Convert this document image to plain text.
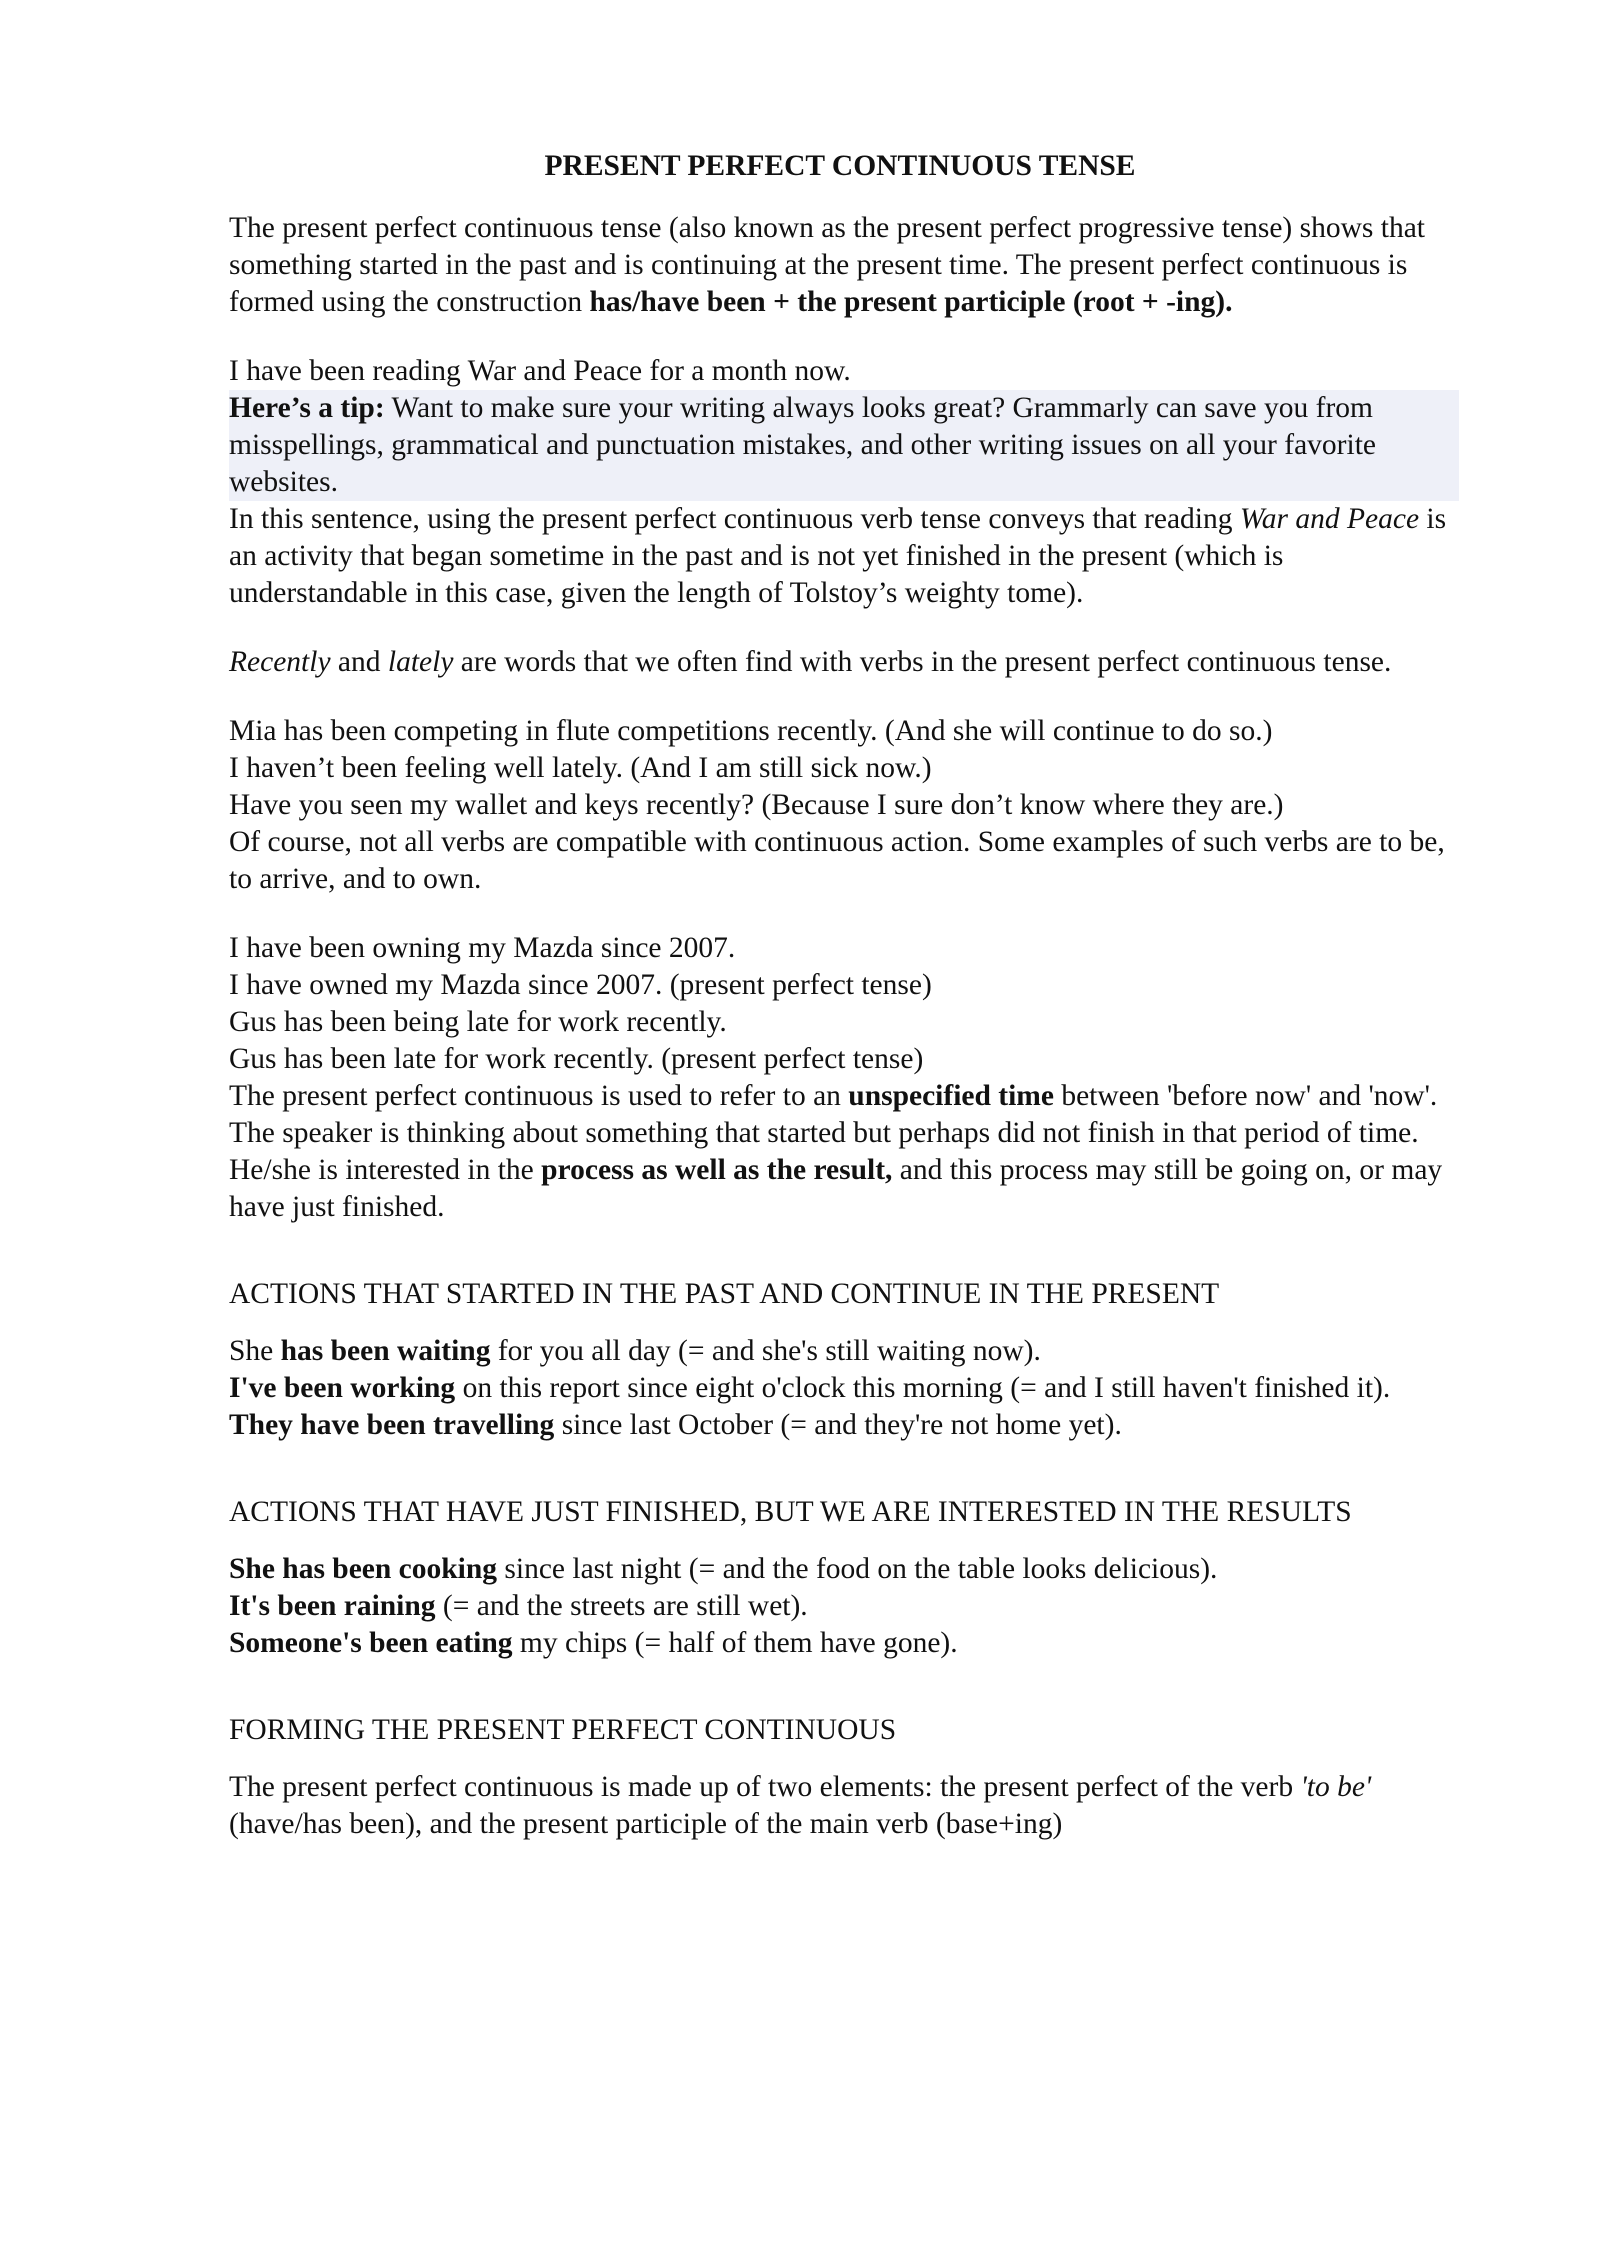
PRESENT PERFECT CONTINUOUS TENSE

The present perfect continuous tense (also known as the present perfect progressive tense) shows that something started in the past and is continuing at the present time. The present perfect continuous is formed using the construction has/have been + the present participle (root + -ing).

I have been reading War and Peace for a month now.

Here’s a tip: Want to make sure your writing always looks great? Grammarly can save you from misspellings, grammatical and punctuation mistakes, and other writing issues on all your favorite websites.

In this sentence, using the present perfect continuous verb tense conveys that reading War and Peace is an activity that began sometime in the past and is not yet finished in the present (which is understandable in this case, given the length of Tolstoy’s weighty tome).

Recently and lately are words that we often find with verbs in the present perfect continuous tense.

Mia has been competing in flute competitions recently. (And she will continue to do so.)

I haven’t been feeling well lately. (And I am still sick now.)

Have you seen my wallet and keys recently? (Because I sure don’t know where they are.)

Of course, not all verbs are compatible with continuous action. Some examples of such verbs are to be, to arrive, and to own.

I have been owning my Mazda since 2007.

I have owned my Mazda since 2007. (present perfect tense)

Gus has been being late for work recently.

Gus has been late for work recently. (present perfect tense)

The present perfect continuous is used to refer to an unspecified time between 'before now' and 'now'. The speaker is thinking about something that started but perhaps did not finish in that period of time. He/she is interested in the process as well as the result, and this process may still be going on, or may have just finished.

ACTIONS THAT STARTED IN THE PAST AND CONTINUE IN THE PRESENT

She has been waiting for you all day (= and she's still waiting now).

I've been working on this report since eight o'clock this morning (= and I still haven't finished it).

They have been travelling since last October (= and they're not home yet).

ACTIONS THAT HAVE JUST FINISHED, BUT WE ARE INTERESTED IN THE RESULTS

She has been cooking since last night (= and the food on the table looks delicious).

It's been raining (= and the streets are still wet).

Someone's been eating my chips (= half of them have gone).

FORMING THE PRESENT PERFECT CONTINUOUS

The present perfect continuous is made up of two elements: the present perfect of the verb 'to be' (have/has been), and the present participle of the main verb (base+ing)
